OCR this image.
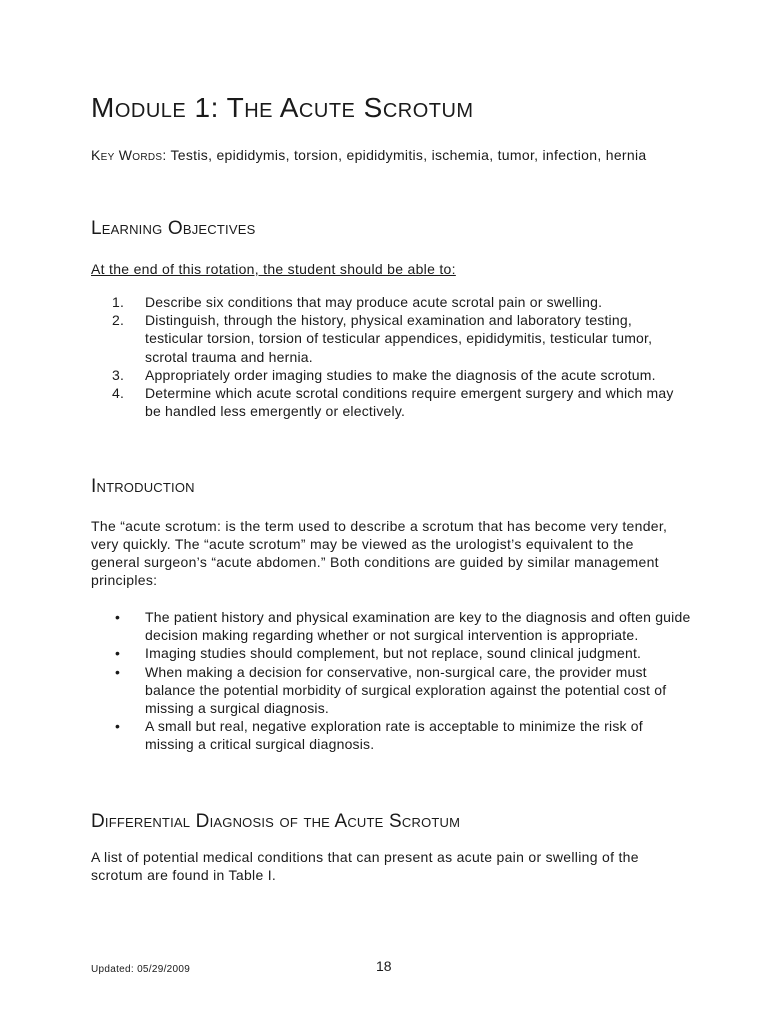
Module 1: The Acute Scrotum

Key Words: Testis, epididymis, torsion, epididymitis, ischemia, tumor, infection, hernia

Learning Objectives

At the end of this rotation, the student should be able to:

1. Describe six conditions that may produce acute scrotal pain or swelling.
2. Distinguish, through the history, physical examination and laboratory testing, testicular torsion, torsion of testicular appendices, epididymitis, testicular tumor, scrotal trauma and hernia.
3. Appropriately order imaging studies to make the diagnosis of the acute scrotum.
4. Determine which acute scrotal conditions require emergent surgery and which may be handled less emergently or electively.
Introduction

The “acute scrotum: is the term used to describe a scrotum that has become very tender, very quickly. The “acute scrotum” may be viewed as the urologist’s equivalent to the general surgeon’s “acute abdomen.” Both conditions are guided by similar management principles:

• The patient history and physical examination are key to the diagnosis and often guide decision making regarding whether or not surgical intervention is appropriate.
• Imaging studies should complement, but not replace, sound clinical judgment.
• When making a decision for conservative, non-surgical care, the provider must balance the potential morbidity of surgical exploration against the potential cost of missing a surgical diagnosis.
• A small but real, negative exploration rate is acceptable to minimize the risk of missing a critical surgical diagnosis.
Differential Diagnosis of the Acute Scrotum

A list of potential medical conditions that can present as acute pain or swelling of the scrotum are found in Table I.

Updated: 05/29/2009	18
